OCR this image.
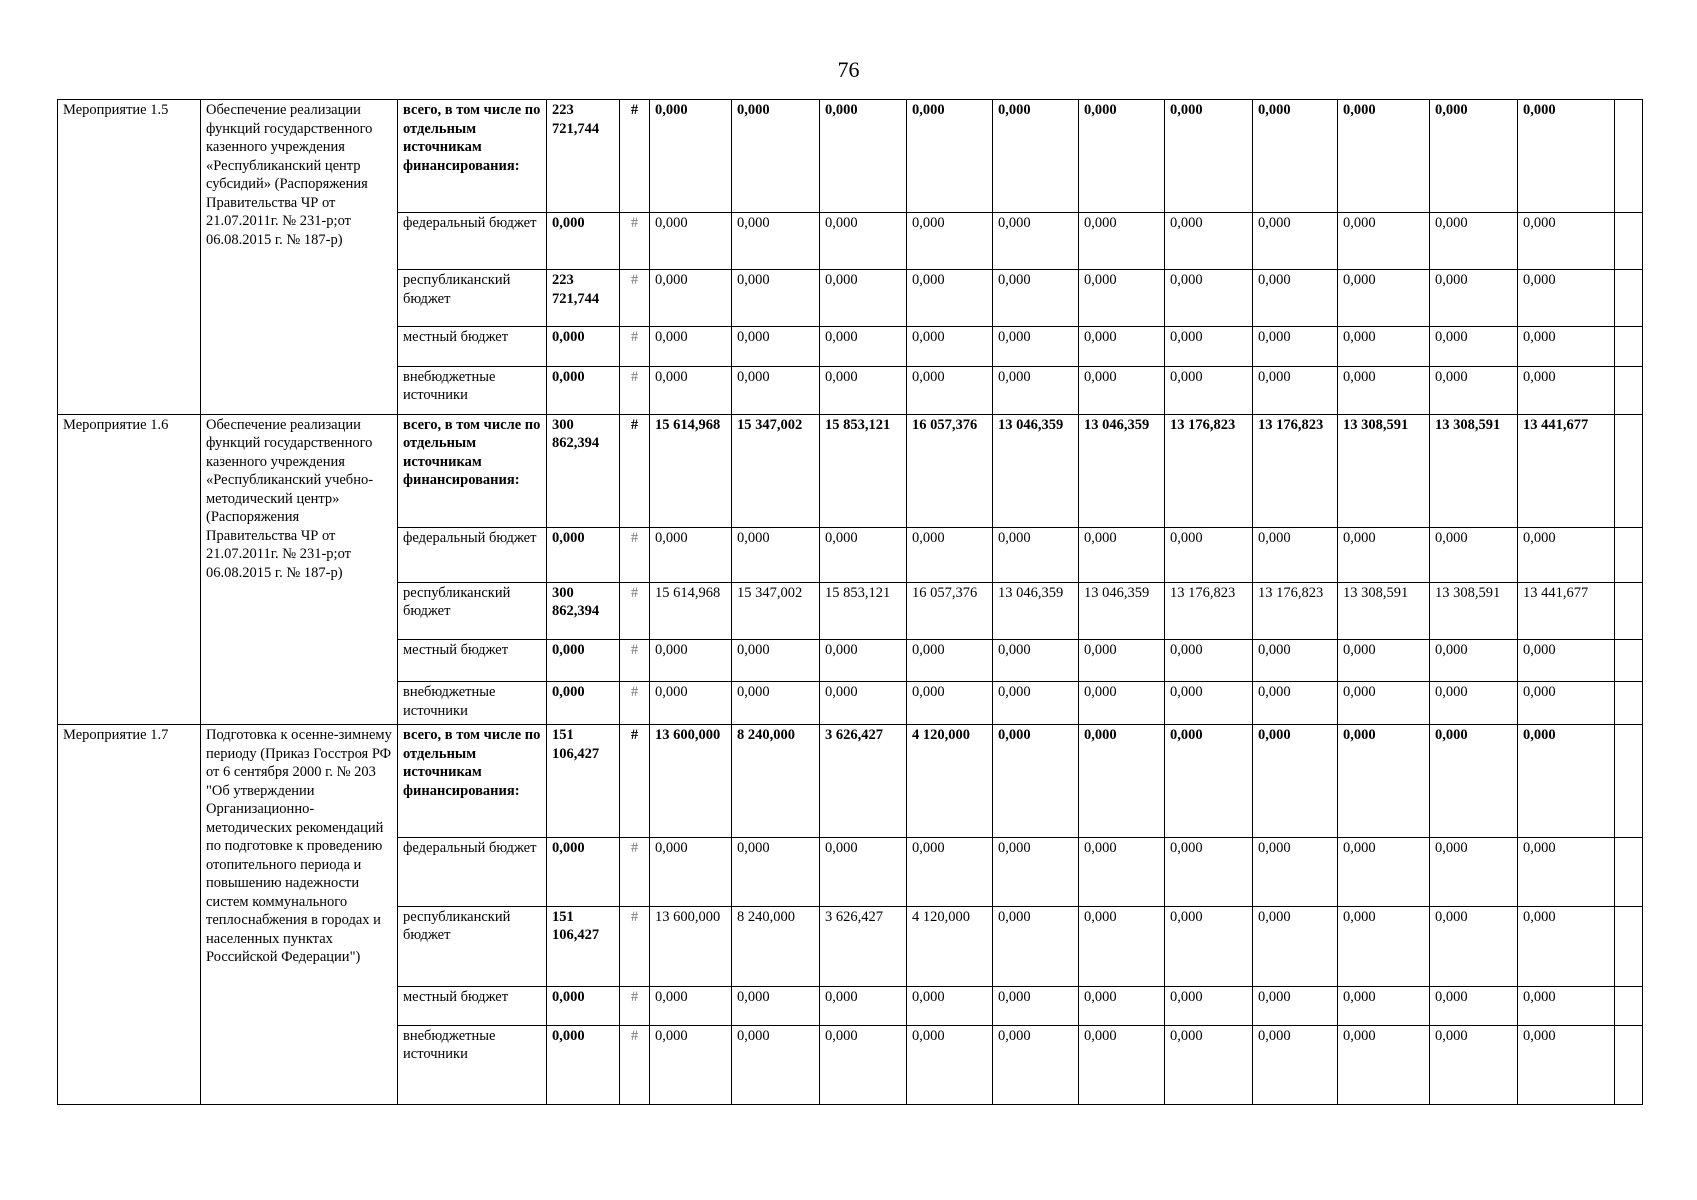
76
Мероприятие 1.5	Обеспечение реализации функций государственного казенного учреждения «Республиканский центр субсидий» (Распоряжения Правительства ЧР от 21.07.2011г. № 231-р;от 06.08.2015 г. № 187-р)	всего, в том числе по отдельным источникам финансирования:	223 721,744	#	0,000	0,000	0,000	0,000	0,000	0,000	0,000	0,000	0,000	0,000	0,000	
		федеральный бюджет	0,000	#	0,000	0,000	0,000	0,000	0,000	0,000	0,000	0,000	0,000	0,000	0,000	
		республиканский бюджет	223 721,744	#	0,000	0,000	0,000	0,000	0,000	0,000	0,000	0,000	0,000	0,000	0,000	
		местный бюджет	0,000	#	0,000	0,000	0,000	0,000	0,000	0,000	0,000	0,000	0,000	0,000	0,000	
		внебюджетные источники	0,000	#	0,000	0,000	0,000	0,000	0,000	0,000	0,000	0,000	0,000	0,000	0,000	
Мероприятие 1.6	Обеспечение реализации функций государственного казенного учреждения «Республиканский учебно-методический центр» (Распоряжения Правительства ЧР от 21.07.2011г. № 231-р;от 06.08.2015 г. № 187-р)	всего, в том числе по отдельным источникам финансирования:	300 862,394	#	15 614,968	15 347,002	15 853,121	16 057,376	13 046,359	13 046,359	13 176,823	13 176,823	13 308,591	13 308,591	13 441,677	
		федеральный бюджет	0,000	#	0,000	0,000	0,000	0,000	0,000	0,000	0,000	0,000	0,000	0,000	0,000	
		республиканский бюджет	300 862,394	#	15 614,968	15 347,002	15 853,121	16 057,376	13 046,359	13 046,359	13 176,823	13 176,823	13 308,591	13 308,591	13 441,677	
		местный бюджет	0,000	#	0,000	0,000	0,000	0,000	0,000	0,000	0,000	0,000	0,000	0,000	0,000	
		внебюджетные источники	0,000	#	0,000	0,000	0,000	0,000	0,000	0,000	0,000	0,000	0,000	0,000	0,000	
Мероприятие 1.7	Подготовка к осенне-зимнему периоду (Приказ Госстроя РФ от 6 сентября 2000 г. № 203 "Об утверждении Организационно-методических рекомендаций по подготовке к проведению отопительного периода и повышению надежности систем коммунального теплоснабжения в городах и населенных пунктах Российской Федерации")	всего, в том числе по отдельным источникам финансирования:	151 106,427	#	13 600,000	8 240,000	3 626,427	4 120,000	0,000	0,000	0,000	0,000	0,000	0,000	0,000	
		федеральный бюджет	0,000	#	0,000	0,000	0,000	0,000	0,000	0,000	0,000	0,000	0,000	0,000	0,000	
		республиканский бюджет	151 106,427	#	13 600,000	8 240,000	3 626,427	4 120,000	0,000	0,000	0,000	0,000	0,000	0,000	0,000	
		местный бюджет	0,000	#	0,000	0,000	0,000	0,000	0,000	0,000	0,000	0,000	0,000	0,000	0,000	
		внебюджетные источники	0,000	#	0,000	0,000	0,000	0,000	0,000	0,000	0,000	0,000	0,000	0,000	0,000	
